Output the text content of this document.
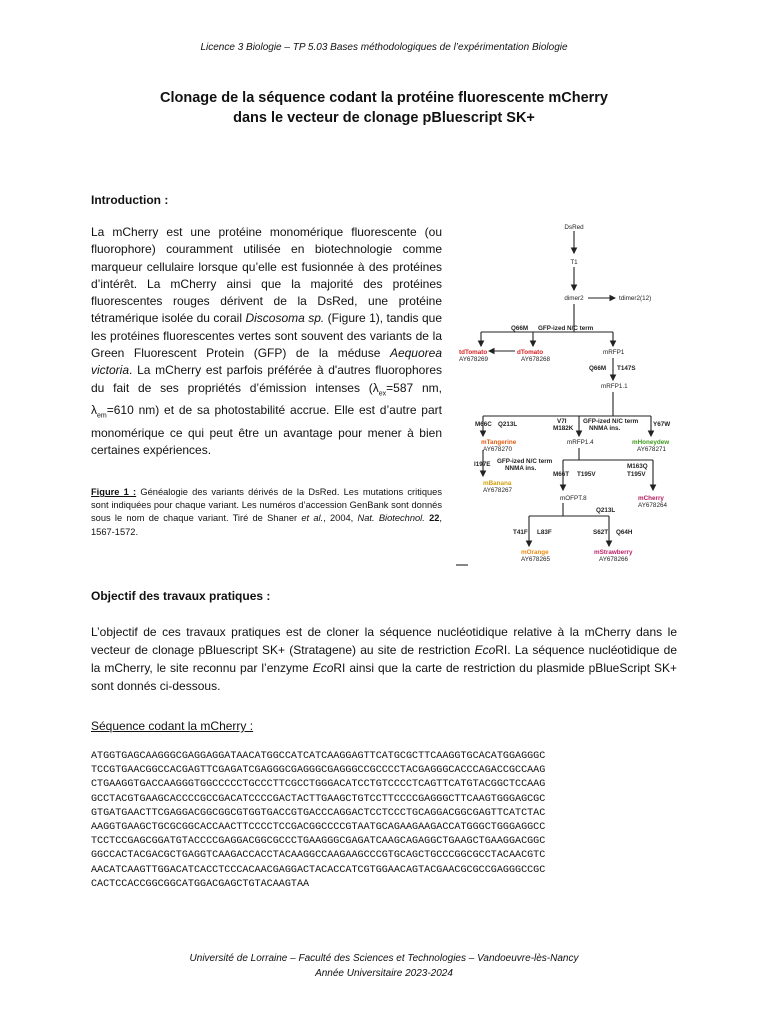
Licence 3 Biologie – TP 5.03 Bases méthodologiques de l’expérimentation Biologie
Clonage de la séquence codant la protéine fluorescente mCherry
dans le vecteur de clonage pBluescript SK+
Introduction :
La mCherry est une protéine monomérique fluorescente (ou fluorophore) couramment utilisée en biotechnologie comme marqueur cellulaire lorsque qu’elle est fusionnée à des protéines d’intérêt. La mCherry ainsi que la majorité des protéines fluorescentes rouges dérivent de la DsRed, une protéine tétramérique isolée du corail Discosoma sp. (Figure 1), tandis que les protéines fluorescentes vertes sont souvent des variants de la Green Fluorescent Protein (GFP) de la méduse Aequorea victoria. La mCherry est parfois préférée à d'autres fluorophores du fait de ses propriétés d’émission intenses ($\lambda_{ex}=587$ nm, $\lambda_{em}=610$ nm) et de sa photostabilité accrue. Elle est d’autre part monomérique ce qui peut être un avantage pour mener à bien certaines expériences.
Figure 1 : Généalogie des variants dérivés de la DsRed. Les mutations critiques sont indiquées pour chaque variant. Les numéros d’accession GenBank sont donnés sous le nom de chaque variant. Tiré de Shaner et al., 2004, Nat. Biotechnol. 22, 1567-1572.
DsRed
T1
dimer2	tdimer2(12)
Q66M GFP-ized N/C term
tdTomato
AY678269
dTomato
AY678268
mRFP1
Q66M T147S
mRFP1.1
M66C Q213L	V7I
M182K
GFP-ized N/C term
NNMA ins.
Y67W
mTangerine
AY678270
mRFP1.4	mHoneydew
AY678271
I197E GFP-ized N/C term
NNMA ins.	M163Q
M66T T195V	T195V
mBanana
AY678267
mOFPT.8	mCherry
AY678264
Q213L
T41F L83F	S62T Q64H
mOrange
AY678265
mStrawberry
AY678266
Objectif des travaux pratiques :
L’objectif de ces travaux pratiques est de cloner la séquence nucléotidique relative à la mCherry dans le vecteur de clonage pBluescript SK+ (Stratagene) au site de restriction EcoRI. La séquence nucléotidique de la mCherry, le site reconnu par l’enzyme EcoRI ainsi que la carte de restriction du plasmide pBlueScript SK+ sont donnés ci-dessous.
Séquence codant la mCherry :
ATGGTGAGCAAGGGCGAGGAGGATAACATGGCCATCATCAAGGAGTTCATGCGCTTCAAGGTGCACATGGAGGGC
TCCGTGAACGGCCACGAGTTCGAGATCGAGGGCGAGGGCGAGGGCCGCCCCTACGAGGGCACCCAGACCGCCAAG
CTGAAGGTGACCAAGGGTGGCCCCCTGCCCTTCGCCTGGGACATCCTGTCCCCTCAGTTCATGTACGGCTCCAAG
GCCTACGTGAAGCACCCCGCCGACATCCCCGACTACTTGAAGCTGTCCTTCCCCGAGGGCTTCAAGTGGGAGCGC
GTGATGAACTTCGAGGACGGCGGCGTGGTGACCGTGACCCAGGACTCCTCCCTGCAGGACGGCGAGTTCATCTAC
AAGGTGAAGCTGCGCGGCACCAACTTCCCCTCCGACGGCCCCGTAATGCAGAAGAAGACCATGGGCTGGGAGGCC
TCCTCCGAGCGGATGTACCCCGAGGACGGCGCCCTGAAGGGCGAGATCAAGCAGAGGCTGAAGCTGAAGGACGGC
GGCCACTACGACGCTGAGGTCAAGACCACCTACAAGGCCAAGAAGCCCGTGCAGCTGCCCGGCGCCTACAACGTC
AACATCAAGTTGGACATCACCTCCCACAACGAGGACTACACCATCGTGGAACAGTACGAACGCGCCGAGGGCCGC
CACTCCACCGGCGGCATGGACGAGCTGTACAAGTAA
Université de Lorraine – Faculté des Sciences et Technologies – Vandoeuvre-lès-Nancy
Année Universitaire 2023-2024
